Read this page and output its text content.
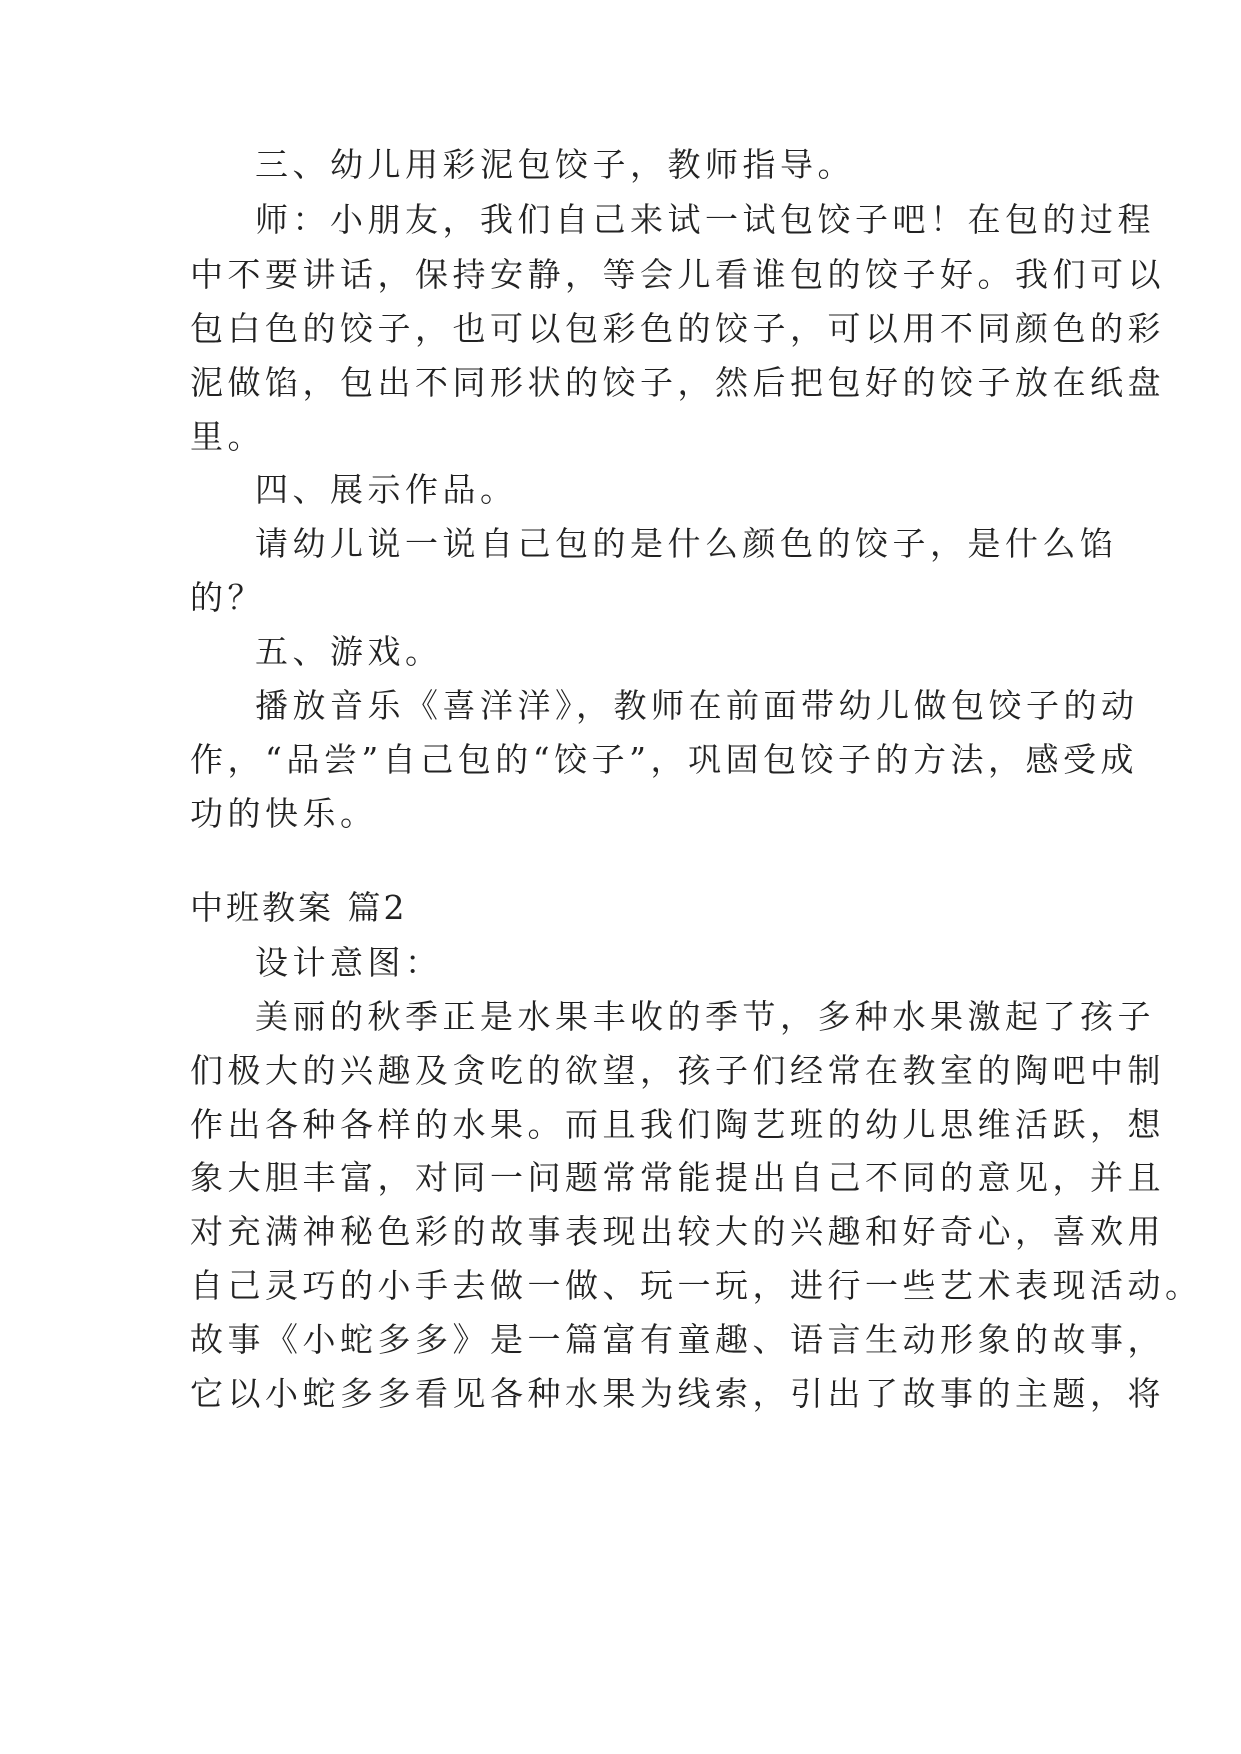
三、幼儿用彩泥包饺子，教师指导。
师：小朋友，我们自己来试一试包饺子吧！在包的过程
中不要讲话，保持安静，等会儿看谁包的饺子好。我们可以
包白色的饺子，也可以包彩色的饺子，可以用不同颜色的彩
泥做馅，包出不同形状的饺子，然后把包好的饺子放在纸盘
里。
四、展示作品。
请幼儿说一说自己包的是什么颜色的饺子，是什么馅
的？
五、游戏。
播放音乐《喜洋洋》，教师在前面带幼儿做包饺子的动
作，“品尝”自己包的“饺子”，巩固包饺子的方法，感受成
功的快乐。
中班教案 篇2
设计意图：
美丽的秋季正是水果丰收的季节，多种水果激起了孩子
们极大的兴趣及贪吃的欲望，孩子们经常在教室的陶吧中制
作出各种各样的水果。而且我们陶艺班的幼儿思维活跃，想
象大胆丰富，对同一问题常常能提出自己不同的意见，并且
对充满神秘色彩的故事表现出较大的兴趣和好奇心，喜欢用
自己灵巧的小手去做一做、玩一玩，进行一些艺术表现活动。
故事《小蛇多多》是一篇富有童趣、语言生动形象的故事，
它以小蛇多多看见各种水果为线索，引出了故事的主题，将
